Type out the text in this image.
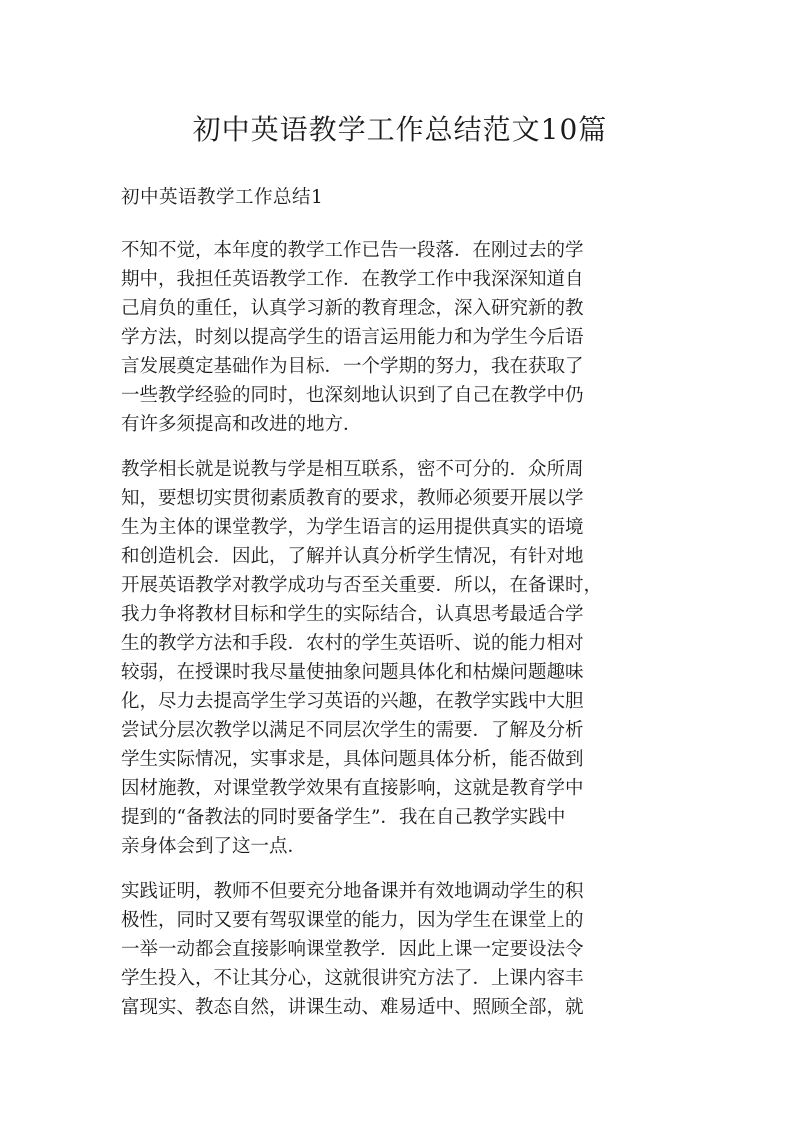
初中英语教学工作总结范文10篇

初中英语教学工作总结1

不知不觉，本年度的教学工作已告一段落．在刚过去的学
期中，我担任英语教学工作．在教学工作中我深深知道自
己肩负的重任，认真学习新的教育理念，深入研究新的教
学方法，时刻以提高学生的语言运用能力和为学生今后语
言发展奠定基础作为目标．一个学期的努力，我在获取了
一些教学经验的同时，也深刻地认识到了自己在教学中仍
有许多须提高和改进的地方．
教学相长就是说教与学是相互联系，密不可分的．众所周
知，要想切实贯彻素质教育的要求，教师必须要开展以学
生为主体的课堂教学，为学生语言的运用提供真实的语境
和创造机会．因此，了解并认真分析学生情况，有针对地
开展英语教学对教学成功与否至关重要．所以，在备课时，
我力争将教材目标和学生的实际结合，认真思考最适合学
生的教学方法和手段．农村的学生英语听、说的能力相对
较弱，在授课时我尽量使抽象问题具体化和枯燥问题趣味
化，尽力去提高学生学习英语的兴趣，在教学实践中大胆
尝试分层次教学以满足不同层次学生的需要．了解及分析
学生实际情况，实事求是，具体问题具体分析，能否做到
因材施教，对课堂教学效果有直接影响，这就是教育学中
提到的“备教法的同时要备学生”．我在自己教学实践中
亲身体会到了这一点．
实践证明，教师不但要充分地备课并有效地调动学生的积
极性，同时又要有驾驭课堂的能力，因为学生在课堂上的
一举一动都会直接影响课堂教学．因此上课一定要设法令
学生投入，不让其分心，这就很讲究方法了．上课内容丰
富现实、教态自然，讲课生动、难易适中、照顾全部，就
